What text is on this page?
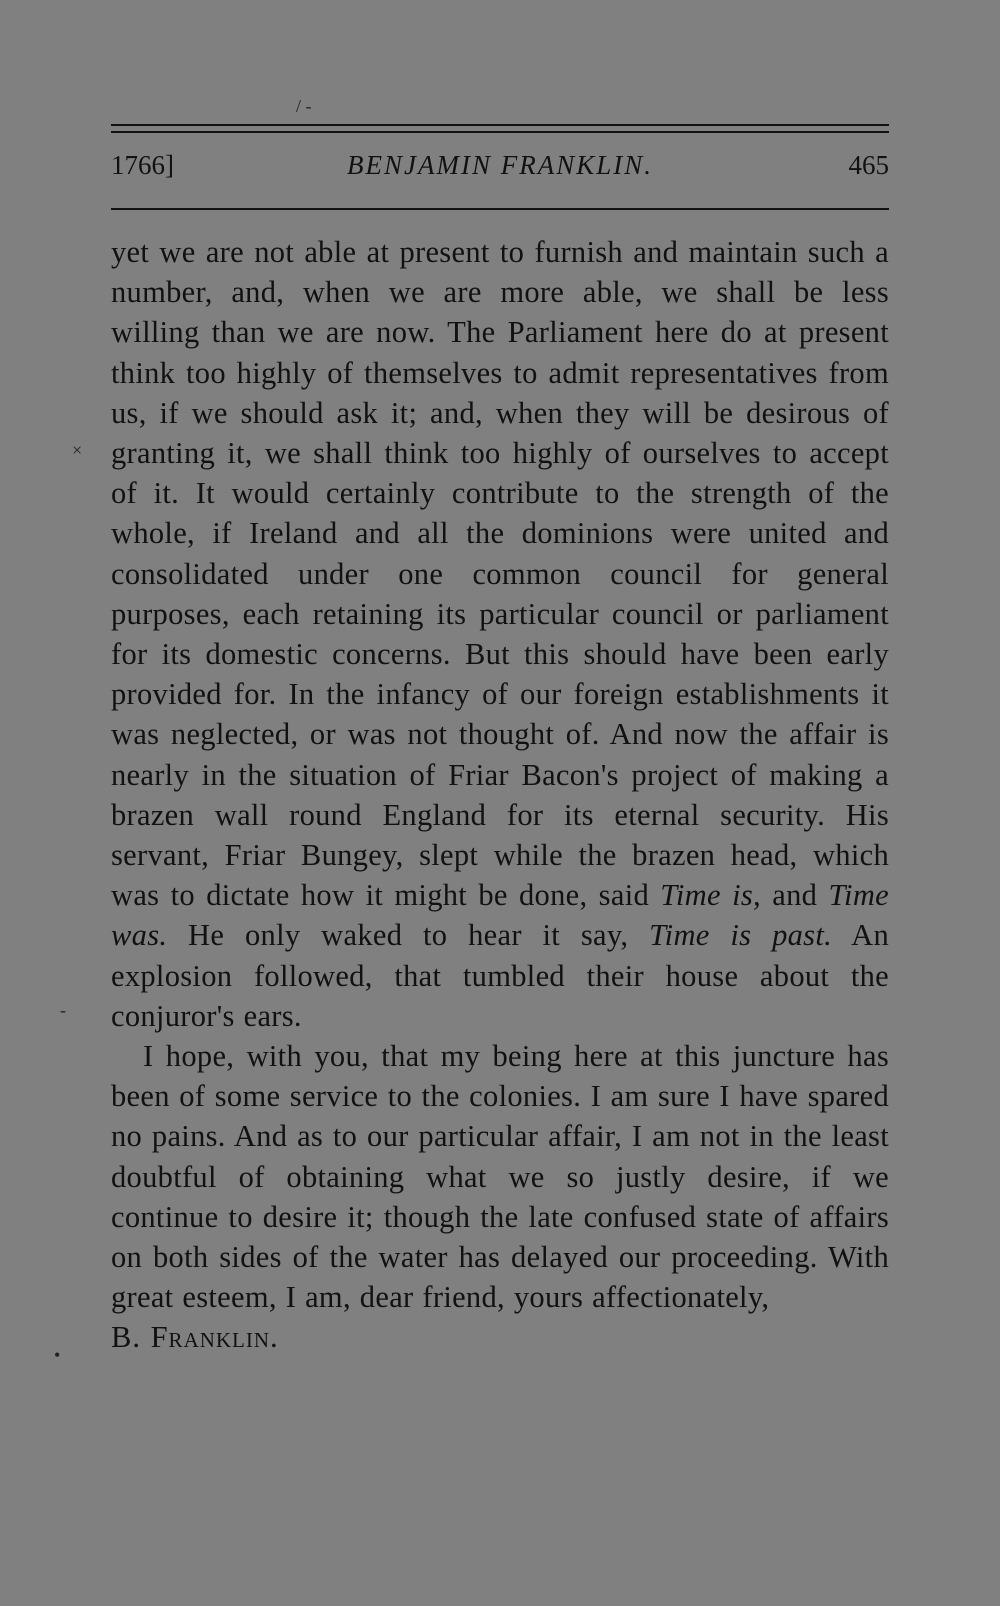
1766]	BENJAMIN FRANKLIN.	465

yet we are not able at present to furnish and maintain such a number, and, when we are more able, we shall be less willing than we are now. The Parliament here do at present think too highly of themselves to admit representatives from us, if we should ask it; and, when they will be desirous of granting it, we shall think too highly of ourselves to accept of it. It would certainly contribute to the strength of the whole, if Ireland and all the dominions were united and consolidated under one common council for general purposes, each retaining its particular council or parliament for its domestic concerns. But this should have been early provided for. In the infancy of our foreign establishments it was neglected, or was not thought of. And now the affair is nearly in the situation of Friar Bacon's project of making a brazen wall round England for its eternal security. His servant, Friar Bungey, slept while the brazen head, which was to dictate how it might be done, said Time is, and Time was. He only waked to hear it say, Time is past. An explosion followed, that tumbled their house about the conjuror's ears.

I hope, with you, that my being here at this juncture has been of some service to the colonies. I am sure I have spared no pains. And as to our particular affair, I am not in the least doubtful of obtaining what we so justly desire, if we continue to desire it; though the late confused state of affairs on both sides of the water has delayed our proceeding. With great esteem, I am, dear friend, yours affectionately,

B. Franklin.

/ -
×
-
•
